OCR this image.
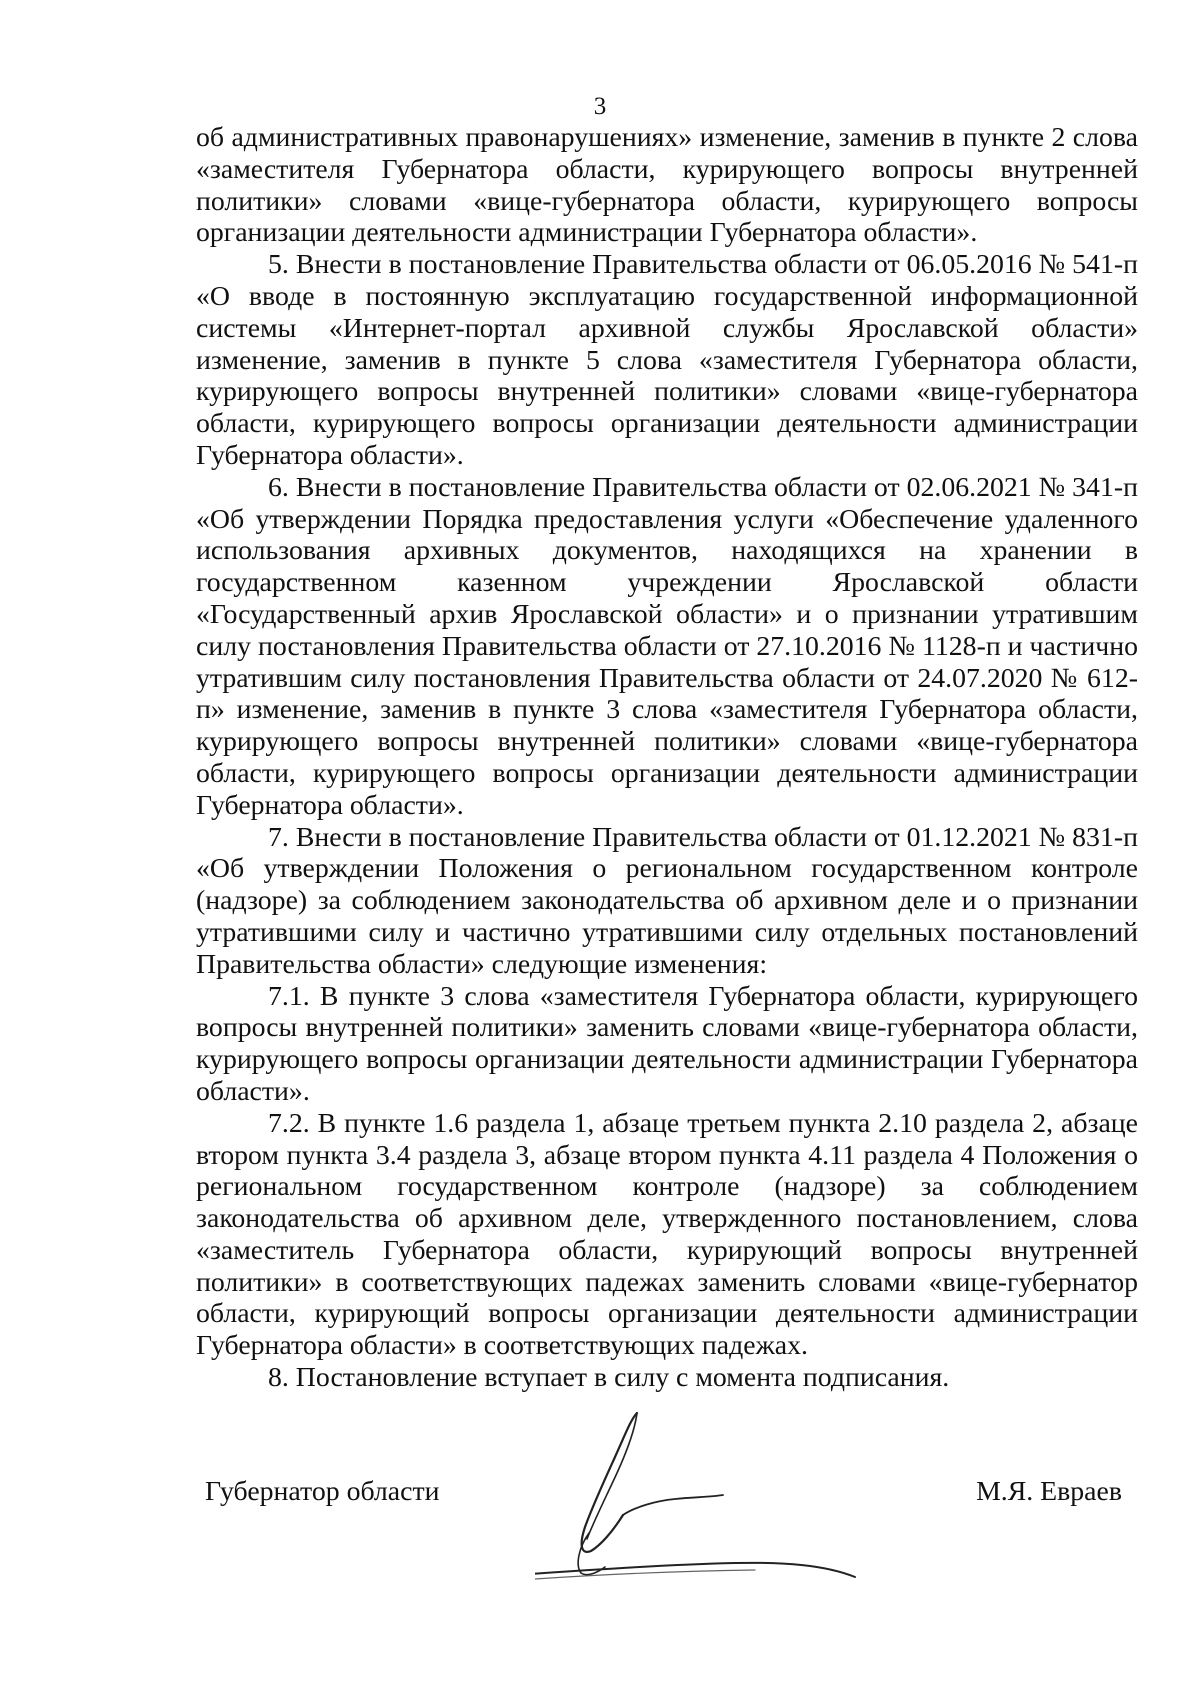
3

об административных правонарушениях» изменение, заменив в пункте 2 слова «заместителя Губернатора области, курирующего вопросы внутренней политики» словами «вице-губернатора области, курирующего вопросы организации деятельности администрации Губернатора области».

5. Внести в постановление Правительства области от 06.05.2016 № 541-п «О вводе в постоянную эксплуатацию государственной информационной системы «Интернет-портал архивной службы Ярославской области» изменение, заменив в пункте 5 слова «заместителя Губернатора области, курирующего вопросы внутренней политики» словами «вице-губернатора области, курирующего вопросы организации деятельности администрации Губернатора области».

6. Внести в постановление Правительства области от 02.06.2021 № 341-п «Об утверждении Порядка предоставления услуги «Обеспечение удаленного использования архивных документов, находящихся на хранении в государственном казенном учреждении Ярославской области «Государственный архив Ярославской области» и о признании утратившим силу постановления Правительства области от 27.10.2016 № 1128-п и частично утратившим силу постановления Правительства области от 24.07.2020 № 612-п» изменение, заменив в пункте 3 слова «заместителя Губернатора области, курирующего вопросы внутренней политики» словами «вице-губернатора области, курирующего вопросы организации деятельности администрации Губернатора области».

7. Внести в постановление Правительства области от 01.12.2021 № 831-п «Об утверждении Положения о региональном государственном контроле (надзоре) за соблюдением законодательства об архивном деле и о признании утратившими силу и частично утратившими силу отдельных постановлений Правительства области» следующие изменения:

7.1. В пункте 3 слова «заместителя Губернатора области, курирующего вопросы внутренней политики» заменить словами «вице-губернатора области, курирующего вопросы организации деятельности администрации Губернатора области».

7.2. В пункте 1.6 раздела 1, абзаце третьем пункта 2.10 раздела 2, абзаце втором пункта 3.4 раздела 3, абзаце втором пункта 4.11 раздела 4 Положения о региональном государственном контроле (надзоре) за соблюдением законодательства об архивном деле, утвержденного постановлением, слова «заместитель Губернатора области, курирующий вопросы внутренней политики» в соответствующих падежах заменить словами «вице-губернатор области, курирующий вопросы организации деятельности администрации Губернатора области» в соответствующих падежах.

8. Постановление вступает в силу с момента подписания.

Губернатор области	М.Я. Евраев
